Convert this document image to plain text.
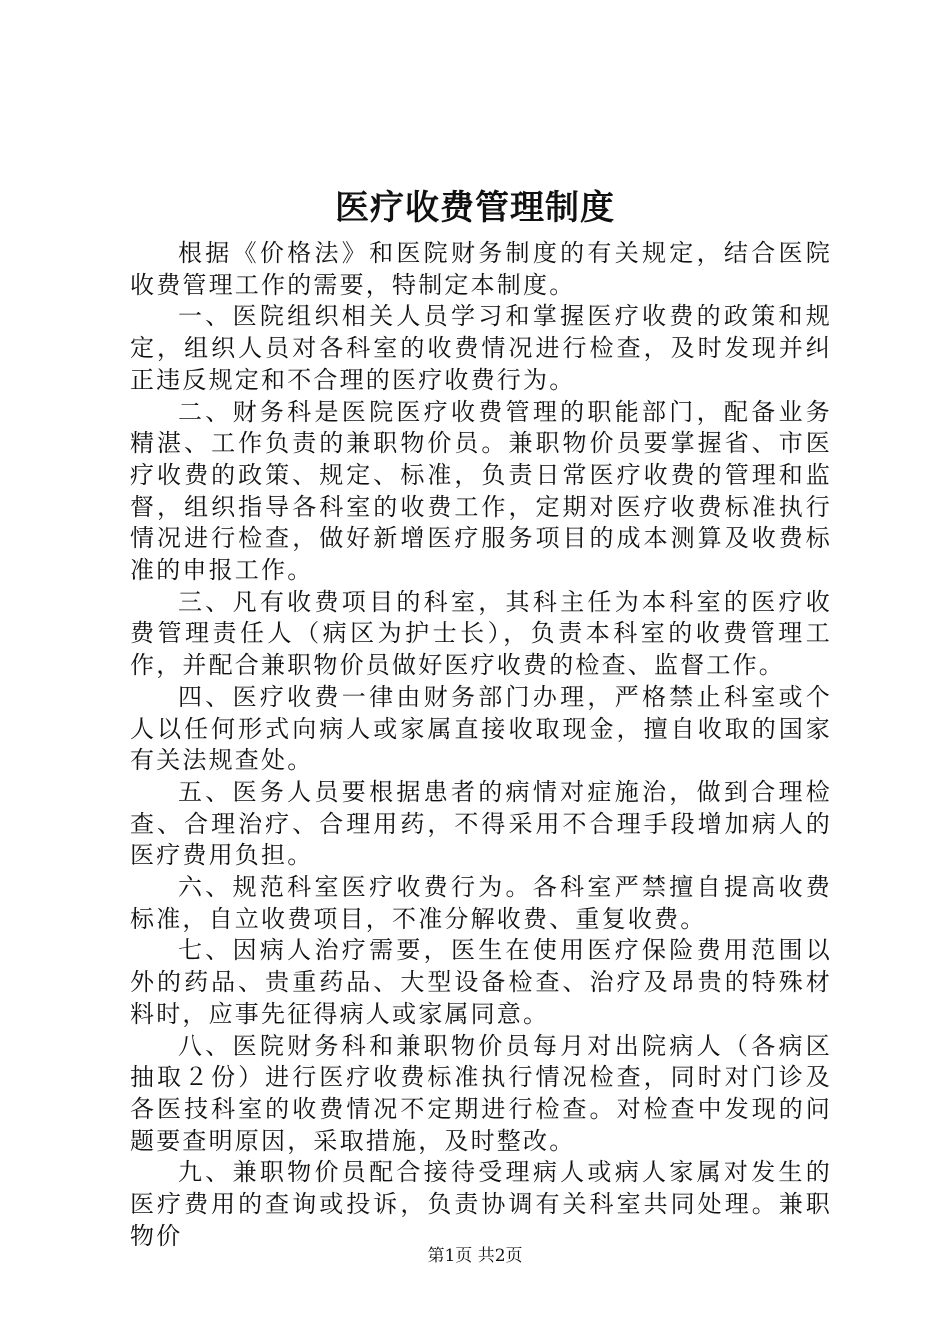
医疗收费管理制度

根据《价格法》和医院财务制度的有关规定，结合医院收费管理工作的需要，特制定本制度。

一、医院组织相关人员学习和掌握医疗收费的政策和规定，组织人员对各科室的收费情况进行检查，及时发现并纠正违反规定和不合理的医疗收费行为。

二、财务科是医院医疗收费管理的职能部门，配备业务精湛、工作负责的兼职物价员。兼职物价员要掌握省、市医疗收费的政策、规定、标准，负责日常医疗收费的管理和监督，组织指导各科室的收费工作，定期对医疗收费标准执行情况进行检查，做好新增医疗服务项目的成本测算及收费标准的申报工作。

三、凡有收费项目的科室，其科主任为本科室的医疗收费管理责任人（病区为护士长），负责本科室的收费管理工作，并配合兼职物价员做好医疗收费的检查、监督工作。

四、医疗收费一律由财务部门办理，严格禁止科室或个人以任何形式向病人或家属直接收取现金，擅自收取的国家有关法规查处。

五、医务人员要根据患者的病情对症施治，做到合理检查、合理治疗、合理用药，不得采用不合理手段增加病人的医疗费用负担。

六、规范科室医疗收费行为。各科室严禁擅自提高收费标准，自立收费项目，不准分解收费、重复收费。

七、因病人治疗需要，医生在使用医疗保险费用范围以外的药品、贵重药品、大型设备检查、治疗及昂贵的特殊材料时，应事先征得病人或家属同意。

八、医院财务科和兼职物价员每月对出院病人（各病区抽取２份）进行医疗收费标准执行情况检查，同时对门诊及各医技科室的收费情况不定期进行检查。对检查中发现的问题要查明原因，采取措施，及时整改。

九、兼职物价员配合接待受理病人或病人家属对发生的医疗费用的查询或投诉，负责协调有关科室共同处理。兼职物价

第1页 共2页
